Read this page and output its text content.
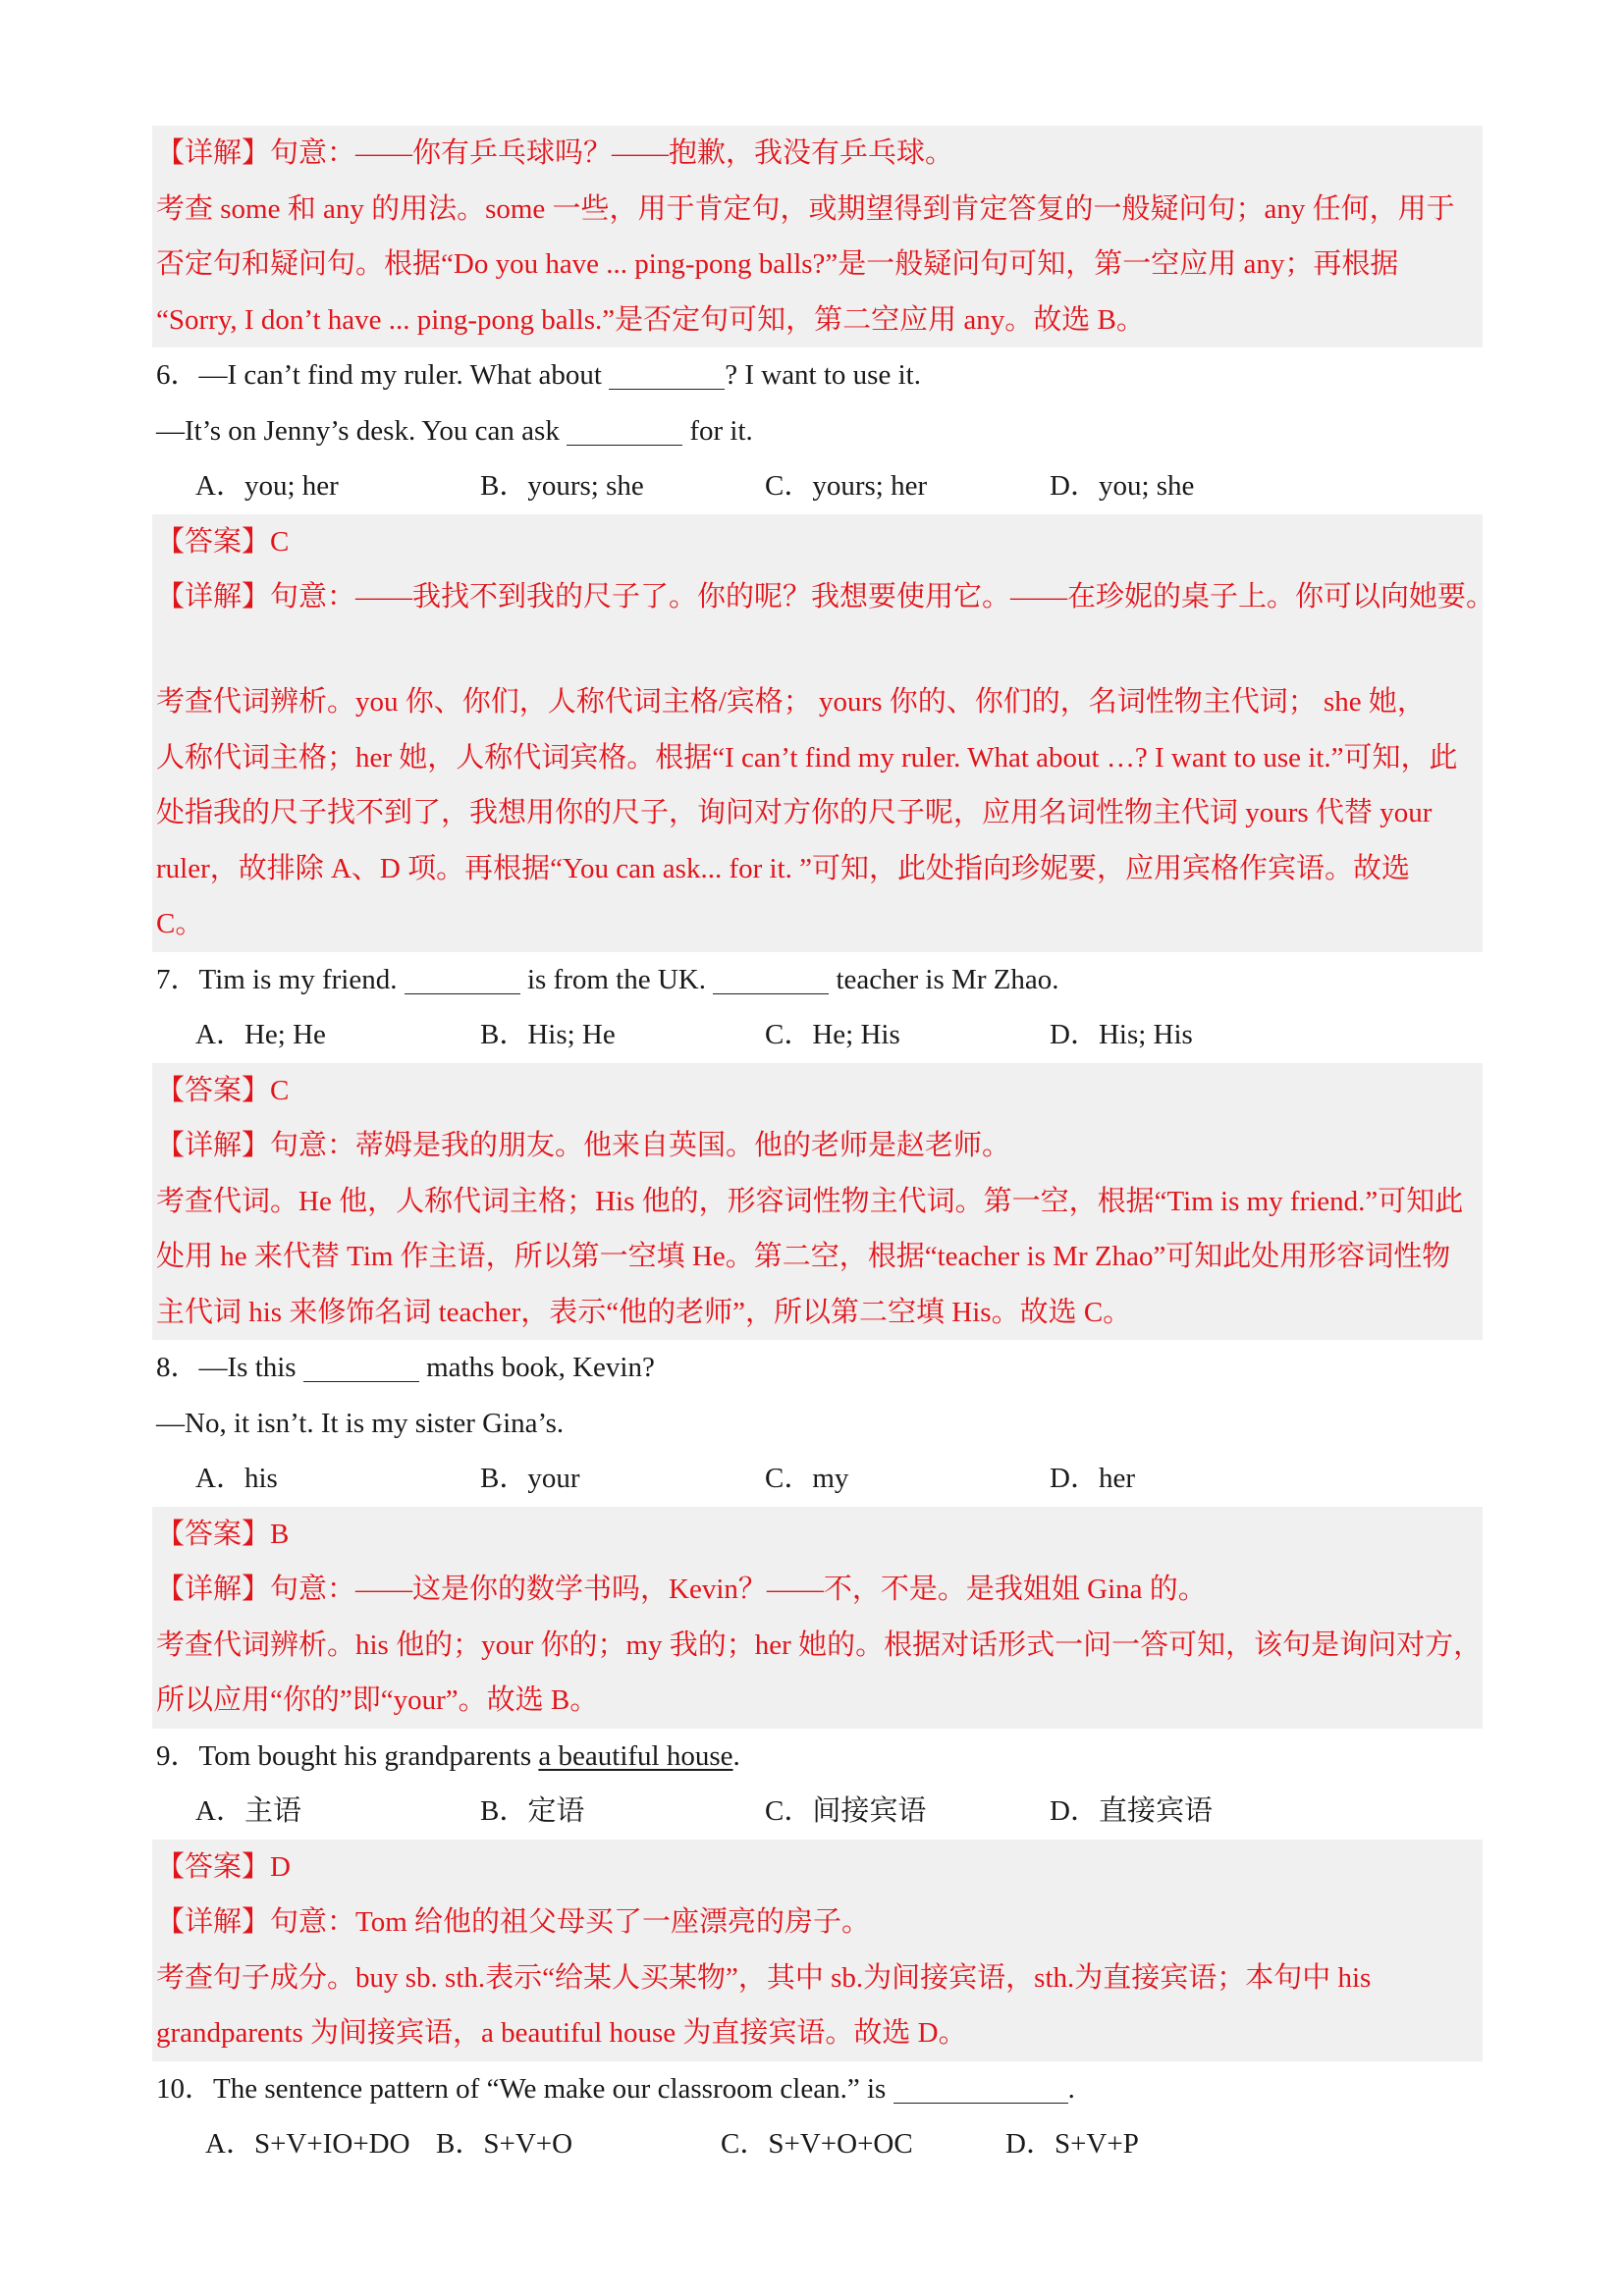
【详解】句意：——你有乒乓球吗？——抱歉，我没有乒乓球。
考查 some 和 any 的用法。some 一些，用于肯定句，或期望得到肯定答复的一般疑问句；any 任何，用于
否定句和疑问句。根据“Do you have ... ping-pong balls?”是一般疑问句可知，第一空应用 any；再根据
“Sorry, I don’t have ... ping-pong balls.”是否定句可知，第二空应用 any。故选 B。
6．—I can’t find my ruler. What about	? I want to use it.
—It’s on Jenny’s desk. You can ask	for it.
A．you; her	B．yours; she	C．yours; her	D．you; she
【答案】C
【详解】句意：——我找不到我的尺子了。你的呢？我想要使用它。——在珍妮的桌子上。你可以向她要。
考查代词辨析。you 你、你们，人称代词主格/宾格； yours 你的、你们的，名词性物主代词； she 她，
人称代词主格；her 她，人称代词宾格。根据“I can’t find my ruler. What about …? I want to use it.”可知，此
处指我的尺子找不到了，我想用你的尺子，询问对方你的尺子呢，应用名词性物主代词 yours 代替 your
ruler，故排除 A、D 项。再根据“You can ask... for it. ”可知，此处指向珍妮要，应用宾格作宾语。故选
C。
7．Tim is my friend.	is from the UK.	teacher is Mr Zhao.
A．He; He	B．His; He	C．He; His	D．His; His
【答案】C
【详解】句意：蒂姆是我的朋友。他来自英国。他的老师是赵老师。
考查代词。He 他，人称代词主格；His 他的，形容词性物主代词。第一空，根据“Tim is my friend.”可知此
处用 he 来代替 Tim 作主语，所以第一空填 He。第二空，根据“teacher is Mr Zhao”可知此处用形容词性物
主代词 his 来修饰名词 teacher，表示“他的老师”，所以第二空填 His。故选 C。
8．—Is this	maths book, Kevin?
—No, it isn’t. It is my sister Gina’s.
A．his	B．your	C．my	D．her
【答案】B
【详解】句意：——这是你的数学书吗，Kevin？——不，不是。是我姐姐 Gina 的。
考查代词辨析。his 他的；your 你的；my 我的；her 她的。根据对话形式一问一答可知，该句是询问对方，
所以应用“你的”即“your”。故选 B。
9．Tom bought his grandparents a beautiful house.
A．主语	B．定语	C．间接宾语	D．直接宾语
【答案】D
【详解】句意：Tom 给他的祖父母买了一座漂亮的房子。
考查句子成分。buy sb. sth.表示“给某人买某物”，其中 sb.为间接宾语，sth.为直接宾语；本句中 his
grandparents 为间接宾语，a beautiful house 为直接宾语。故选 D。
10．The sentence pattern of “We make our classroom clean.” is	.
A．S+V+IO+DO B．S+V+O	C．S+V+O+OC	D．S+V+P
